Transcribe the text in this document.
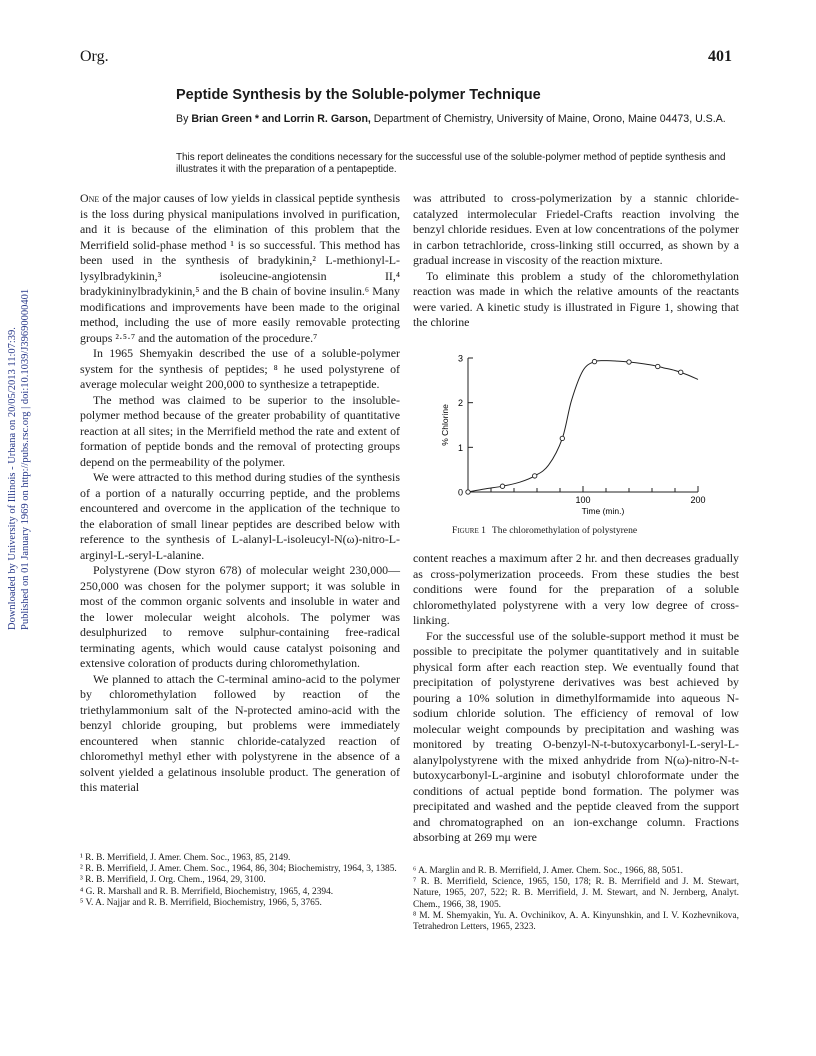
Org.	401
Peptide Synthesis by the Soluble-polymer Technique
By Brian Green * and Lorrin R. Garson, Department of Chemistry, University of Maine, Orono, Maine 04473, U.S.A.
This report delineates the conditions necessary for the successful use of the soluble-polymer method of peptide synthesis and illustrates it with the preparation of a pentapeptide.
Downloaded by University of Illinois - Urbana on 20/05/2013 11:07:39. Published on 01 January 1969 on http://pubs.rsc.org | doi:10.1039/J39690000401

One of the major causes of low yields in classical peptide synthesis is the loss during physical manipulations involved in purification, and it is because of the elimination of this problem that the Merrifield solid-phase method ¹ is so successful. This method has been used in the synthesis of bradykinin,² L-methionyl-L-lysylbradykinin,³ isoleucine-angiotensin II,⁴ bradykininylbradykinin,⁵ and the B chain of bovine insulin.⁶ Many modifications and improvements have been made to the original method, including the use of more easily removable protecting groups ²·⁵·⁷ and the automation of the procedure.⁷

In 1965 Shemyakin described the use of a soluble-polymer system for the synthesis of peptides; ⁸ he used polystyrene of average molecular weight 200,000 to synthesize a tetrapeptide.

The method was claimed to be superior to the insoluble-polymer method because of the greater probability of quantitative reaction at all sites; in the Merrifield method the rate and extent of formation of peptide bonds and the removal of protecting groups depend on the permeability of the polymer.

We were attracted to this method during studies of the synthesis of a portion of a naturally occurring peptide, and the problems encountered and overcome in the application of the technique to the elaboration of small linear peptides are described below with reference to the synthesis of L-alanyl-L-isoleucyl-N(ω)-nitro-L-arginyl-L-seryl-L-alanine.

Polystyrene (Dow styron 678) of molecular weight 230,000—250,000 was chosen for the polymer support; it was soluble in most of the common organic solvents and insoluble in water and the lower molecular weight alcohols. The polymer was desulphurized to remove sulphur-containing free-radical terminating agents, which would cause catalyst poisoning and extensive coloration of products during chloromethylation.

We planned to attach the C-terminal amino-acid to the polymer by chloromethylation followed by reaction of the triethylammonium salt of the N-protected amino-acid with the benzyl chloride grouping, but problems were immediately encountered when stannic chloride-catalyzed reaction of chloromethyl methyl ether with polystyrene in the absence of a solvent yielded a gelatinous insoluble product. The generation of this material

was attributed to cross-polymerization by a stannic chloride-catalyzed intermolecular Friedel-Crafts reaction involving the benzyl chloride residues. Even at low concentrations of the polymer in carbon tetrachloride, cross-linking still occurred, as shown by a gradual increase in viscosity of the reaction mixture.

To eliminate this problem a study of the chloromethylation reaction was made in which the relative amounts of the reactants were varied. A kinetic study is illustrated in Figure 1, showing that the chlorine

0
1
2
3
100	200
Time (min.)
% Chlorine
Figure 1 The chloromethylation of polystyrene

content reaches a maximum after 2 hr. and then decreases gradually as cross-polymerization proceeds. From these studies the best conditions were found for the preparation of a soluble chloromethylated polystyrene with a very low degree of cross-linking.

For the successful use of the soluble-support method it must be possible to precipitate the polymer quantitatively and in suitable physical form after each reaction step. We eventually found that precipitation of polystyrene derivatives was best achieved by pouring a 10% solution in dimethylformamide into aqueous N-sodium chloride solution. The efficiency of removal of low molecular weight compounds by precipitation and washing was monitored by treating O-benzyl-N-t-butoxycarbonyl-L-seryl-L-alanylpolystyrene with the mixed anhydride from N(ω)-nitro-N-t-butoxycarbonyl-L-arginine and isobutyl chloroformate under the conditions of actual peptide bond formation. The polymer was precipitated and washed and the peptide cleaved from the support and chromatographed on an ion-exchange column. Fractions absorbing at 269 mμ were

¹ R. B. Merrifield, J. Amer. Chem. Soc., 1963, 85, 2149.
² R. B. Merrifield, J. Amer. Chem. Soc., 1964, 86, 304; Biochemistry, 1964, 3, 1385.
³ R. B. Merrifield, J. Org. Chem., 1964, 29, 3100.
⁴ G. R. Marshall and R. B. Merrifield, Biochemistry, 1965, 4, 2394.
⁵ V. A. Najjar and R. B. Merrifield, Biochemistry, 1966, 5, 3765.
⁶ A. Marglin and R. B. Merrifield, J. Amer. Chem. Soc., 1966, 88, 5051.
⁷ R. B. Merrifield, Science, 1965, 150, 178; R. B. Merrifield and J. M. Stewart, Nature, 1965, 207, 522; R. B. Merrifield, J. M. Stewart, and N. Jernberg, Analyt. Chem., 1966, 38, 1905.
⁸ M. M. Shemyakin, Yu. A. Ovchinikov, A. A. Kinyunshkin, and I. V. Kozhevnikova, Tetrahedron Letters, 1965, 2323.
